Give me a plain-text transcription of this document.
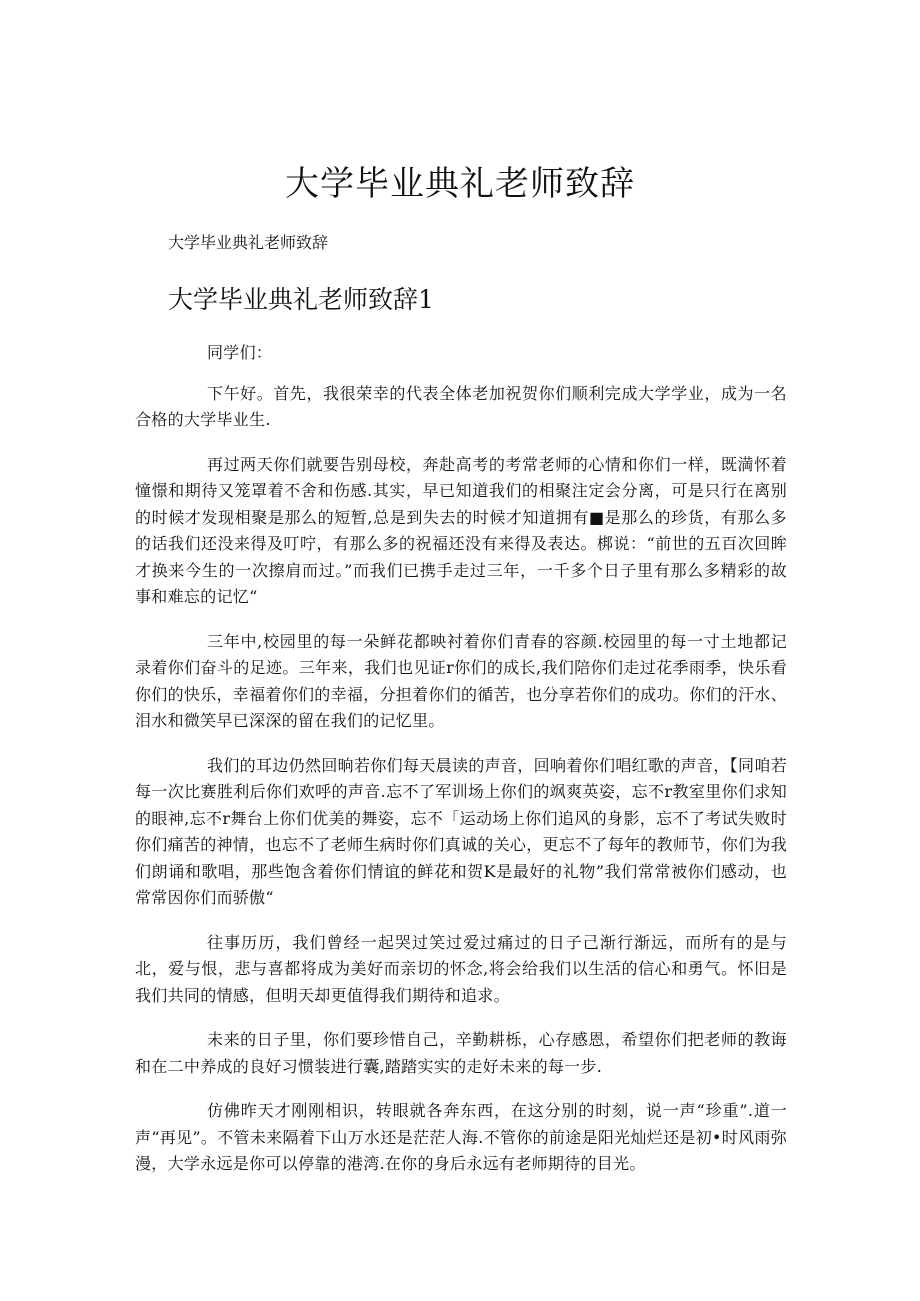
大学毕业典礼老师致辞

大学毕业典礼老师致辞

大学毕业典礼老师致辞1

同学们：

下午好。首先，我很荣幸的代表全体老加祝贺你们顺利完成大学学业，成为一名合格的大学毕业生.

再过两天你们就要告别母校，奔赴高考的考常老师的心情和你们一样，既満怀着憧憬和期待又笼罩着不舍和伤感.其实，早已知道我们的相聚注定会分离，可是只行在离别的时候才发现相聚是那么的短暂,总是到失去的时候才知道拥有■是那么的珍货，有那么多的话我们还没来得及叮咛，有那么多的祝福还没有来得及表达。梆说：“前世的五百次回眸才换来今生的一次擦肩而过。”而我们已携手走过三年，一千多个日子里有那么多精彩的故事和难忘的记忆“

三年中,校园里的每一朵鲜花都映衬着你们青春的容颜.校园里的每一寸土地都记录着你们奋斗的足迹。三年来，我们也见证r你们的成长,我们陪你们走过花季雨季，快乐看你们的快乐，幸福着你们的幸福，分担着你们的循苦，也分享若你们的成功。你们的汗水、泪水和微笑早已深深的留在我们的记忆里。

我们的耳边仍然回晌若你们每天晨读的声音，回响着你们唱红歌的声音，【同咱若每一次比赛胜利后你们欢呼的声音.忘不了军训场上你们的飒爽英姿，忘不r教室里你们求知的眼神,忘不r舞台上你们优美的舞姿，忘不「运动场上你们追风的身影，忘不了考试失败时你们痛苦的神情，也忘不了老师生病时你们真诚的关心，更忘不了每年的教师节，你们为我们朗诵和歌唱，那些饱含着你们情谊的鲜花和贺K是最好的礼物”我们常常被你们感动，也常常因你们而骄傲“

往事历历，我们曾经一起哭过笑过爱过痛过的日子己渐行渐远，而所有的是与北，爱与恨，悲与喜都将成为美好而亲切的怀念,将会给我们以生活的信心和勇气。怀旧是我们共同的情感，但明天却更值得我们期待和追求。

未来的日子里，你们要珍惜自己，辛勤耕栎，心存感恩，希望你们把老师的教诲和在二中养成的良好习惯装进行囊,踏踏实实的走好未来的每一步.

仿佛昨天才刚刚相识，转眼就各奔东西，在这分别的时刻，说一声“珍重”.道一声“再见”。不管未来隔着下山万水还是茫茫人海.不管你的前途是阳光灿烂还是初•时风雨弥漫，大学永远是你可以停靠的港湾.在你的身后永远有老师期待的目光。
